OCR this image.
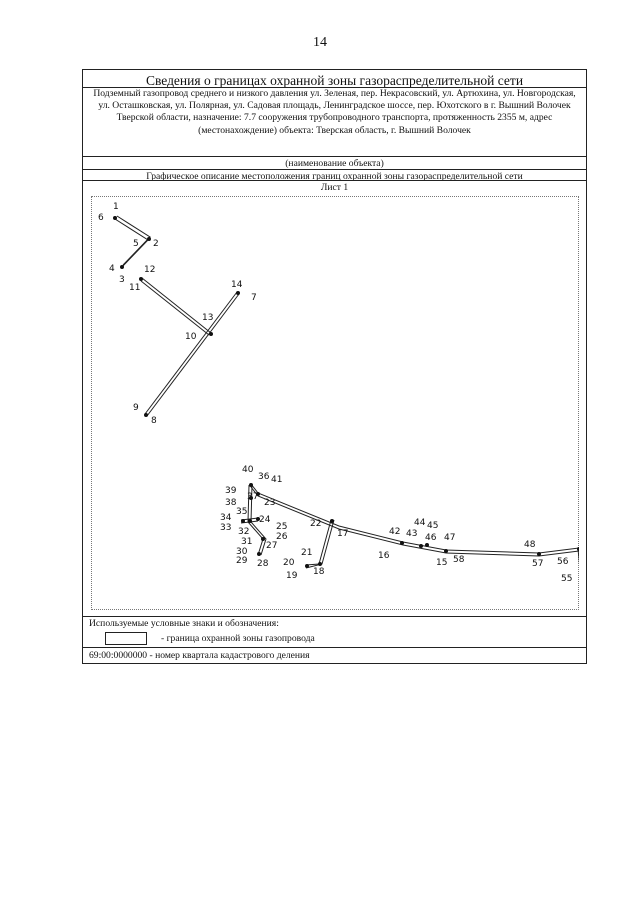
14
Сведения о границах охранной зоны газораспределительной сети
Подземный газопровод среднего и низкого давления ул. Зеленая, пер. Некрасовский, ул. Артюхина, ул. Новгородская, ул. Осташковская, ул. Полярная, ул. Садовая площадь, Ленинградское шоссе, пер. Юхотского в г. Вышний Волочек Тверской области, назначение: 7.7 сооружения трубопроводного транспорта, протяженность 2355 м, адрес (местонахождение) объекта: Тверская область, г. Вышний Волочек
(наименование объекта)
Графическое описание местоположения границ охранной зоны газораспределительной сети
Лист 1
1
6
5 2
4
3
12
11	14
7
13
10
9
8
40
36 41
39
37
38	23
35
34	24
33 32	25
26
31 27
30
29 28
22
17
21
20
19 18
42
16
44 45
43 46 47
15 58
48
57 56
55
Используемые условные знаки и обозначения:
- граница охранной зоны газопровода
69:00:0000000 - номер квартала кадастрового деления
